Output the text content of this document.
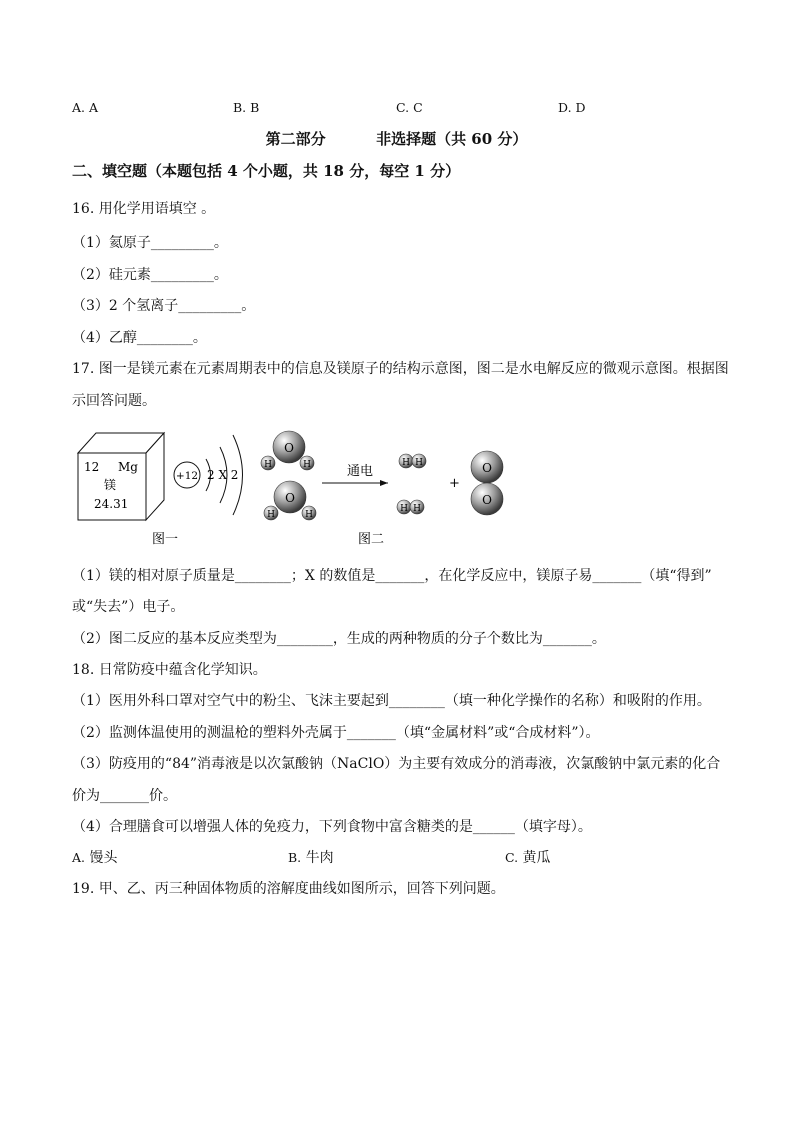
A. A	B. B	C. C	D. D
第二部分	非选择题（共 60 分）
二、填空题（本题包括 4 个小题，共 18 分，每空 1 分）
16. 用化学用语填空 。
（1）氦原子_________。
（2）硅元素_________。
（3）2 个氢离子_________。
（4）乙醇________。
17. 图一是镁元素在元素周期表中的信息及镁原子的结构示意图，图二是水电解反应的微观示意图。根据图
示回答问题。
12 Mg
镁
24.31
+12 2 X 2
O
H	H
O
H	H
通电
H H
H H
+
O
O
图一	图二
（1）镁的相对原子质量是________；X 的数值是_______，在化学反应中，镁原子易_______（填“得到”
或“失去”）电子。
（2）图二反应的基本反应类型为________，生成的两种物质的分子个数比为_______。
18. 日常防疫中蕴含化学知识。
（1）医用外科口罩对空气中的粉尘、飞沫主要起到________（填一种化学操作的名称）和吸附的作用。
（2）监测体温使用的测温枪的塑料外壳属于_______（填“金属材料”或“合成材料”）。
（3）防疫用的“84”消毒液是以次氯酸钠（NaClO）为主要有效成分的消毒液，次氯酸钠中氯元素的化合
价为_______价。
（4）合理膳食可以增强人体的免疫力，下列食物中富含糖类的是______（填字母）。
A. 馒头	B. 牛肉	C. 黄瓜
19. 甲、乙、丙三种固体物质的溶解度曲线如图所示，回答下列问题。
